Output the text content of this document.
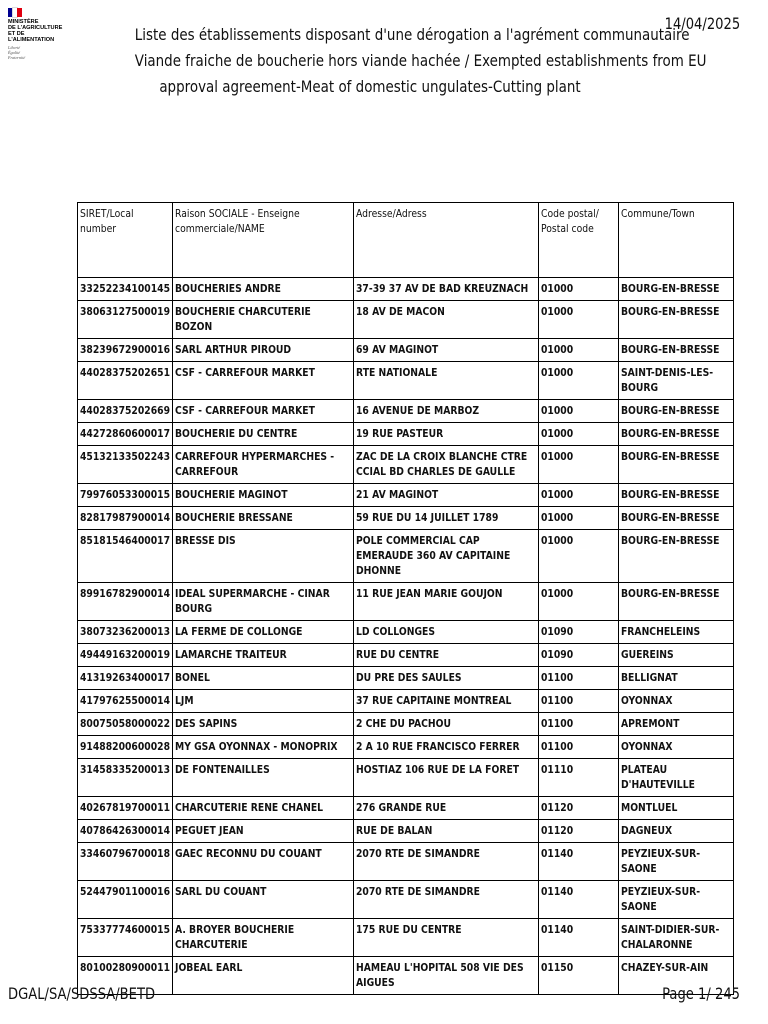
MINISTÈRE
DE L'AGRICULTURE
ET DE L'ALIMENTATION
Liberté
Égalité
Fraternité
14/04/2025
Liste des établissements disposant d'une dérogation a l'agrément communautaire
Viande fraiche de boucherie hors viande hachée / Exempted establishments from EU
approval agreement-Meat of domestic ungulates-Cutting plant
SIRET/Local number	Raison SOCIALE - Enseigne commerciale/NAME	Adresse/Adress	Code postal/ Postal code	Commune/Town

33252234100145	BOUCHERIES ANDRE	37-39 37 AV DE BAD KREUZNACH	01000	BOURG-EN-BRESSE

38063127500019	BOUCHERIE CHARCUTERIE BOZON	18 AV DE MACON	01000	BOURG-EN-BRESSE

38239672900016	SARL ARTHUR PIROUD	69 AV MAGINOT	01000	BOURG-EN-BRESSE

44028375202651	CSF - CARREFOUR MARKET	RTE NATIONALE	01000	SAINT-DENIS-LES-BOURG

44028375202669	CSF - CARREFOUR MARKET	16 AVENUE DE MARBOZ	01000	BOURG-EN-BRESSE

44272860600017	BOUCHERIE DU CENTRE	19 RUE PASTEUR	01000	BOURG-EN-BRESSE

45132133502243	CARREFOUR HYPERMARCHES - CARREFOUR	ZAC DE LA CROIX BLANCHE CTRE CCIAL BD CHARLES DE GAULLE	01000	BOURG-EN-BRESSE

79976053300015	BOUCHERIE MAGINOT	21 AV MAGINOT	01000	BOURG-EN-BRESSE

82817987900014	BOUCHERIE BRESSANE	59 RUE DU 14 JUILLET 1789	01000	BOURG-EN-BRESSE

85181546400017	BRESSE DIS	POLE COMMERCIAL CAP EMERAUDE 360 AV CAPITAINE DHONNE	01000	BOURG-EN-BRESSE

89916782900014	IDEAL SUPERMARCHE - CINAR BOURG	11 RUE JEAN MARIE GOUJON	01000	BOURG-EN-BRESSE

38073236200013	LA FERME DE COLLONGE	LD COLLONGES	01090	FRANCHELEINS

49449163200019	LAMARCHE TRAITEUR	RUE DU CENTRE	01090	GUEREINS

41319263400017	BONEL	DU PRE DES SAULES	01100	BELLIGNAT

41797625500014	LJM	37 RUE CAPITAINE MONTREAL	01100	OYONNAX

80075058000022	DES SAPINS	2 CHE DU PACHOU	01100	APREMONT

91488200600028	MY GSA OYONNAX - MONOPRIX	2 A 10 RUE FRANCISCO FERRER	01100	OYONNAX

31458335200013	DE FONTENAILLES	HOSTIAZ 106 RUE DE LA FORET	01110	PLATEAU D'HAUTEVILLE

40267819700011	CHARCUTERIE RENE CHANEL	276 GRANDE RUE	01120	MONTLUEL

40786426300014	PEGUET JEAN	RUE DE BALAN	01120	DAGNEUX

33460796700018	GAEC RECONNU DU COUANT	2070 RTE DE SIMANDRE	01140	PEYZIEUX-SUR-SAONE

52447901100016	SARL DU COUANT	2070 RTE DE SIMANDRE	01140	PEYZIEUX-SUR-SAONE

75337774600015	A. BROYER BOUCHERIE CHARCUTERIE	175 RUE DU CENTRE	01140	SAINT-DIDIER-SUR-CHALARONNE

80100280900011	JOBEAL EARL	HAMEAU L'HOPITAL 508 VIE DES AIGUES	01150	CHAZEY-SUR-AIN
DGAL/SA/SDSSA/BETD	Page 1/ 245
